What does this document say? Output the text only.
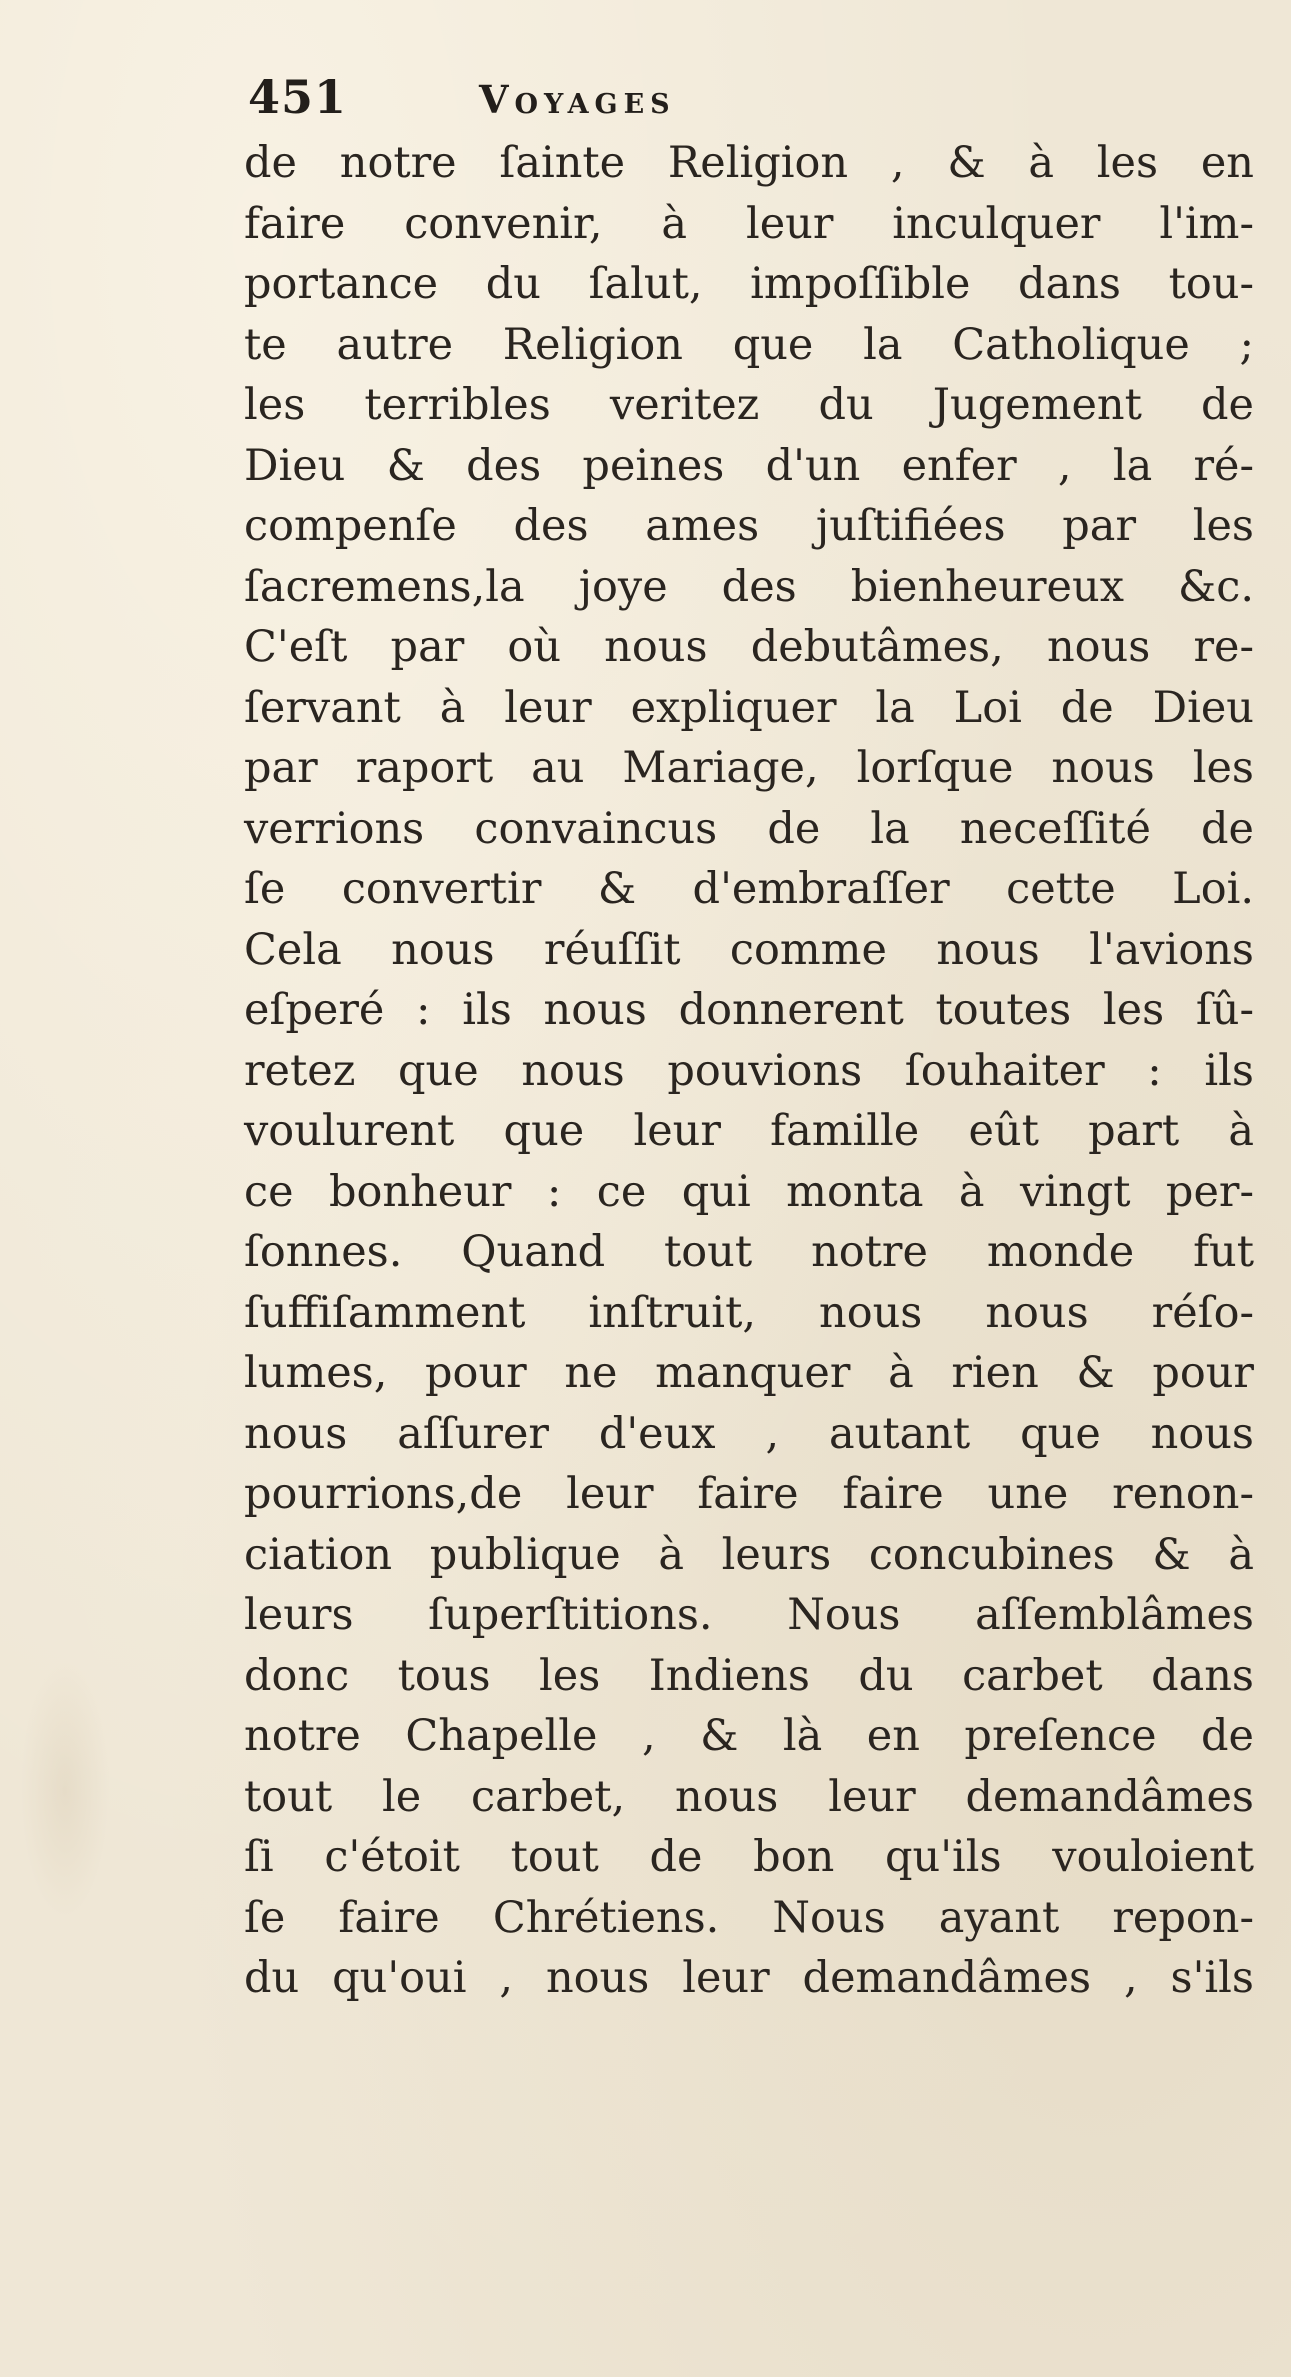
451	Voyages
de notre ſainte Religion , & à les en
faire convenir, à leur inculquer l'im-
portance du ſalut, impoſſible dans tou-
te autre Religion que la Catholique ;
les terribles veritez du Jugement de
Dieu & des peines d'un enfer , la ré-
compenſe des ames juſtifiées par les
ſacremens,la joye des bienheureux &c.
C'eſt par où nous debutâmes, nous re-
ſervant à leur expliquer la Loi de Dieu
par raport au Mariage, lorſque nous les
verrions convaincus de la neceſſité de
ſe convertir & d'embraſſer cette Loi.
Cela nous réuſſit comme nous l'avions
eſperé : ils nous donnerent toutes les ſû-
retez que nous pouvions ſouhaiter : ils
voulurent que leur famille eût part à
ce bonheur : ce qui monta à vingt per-
ſonnes. Quand tout notre monde fut
ſuffiſamment inſtruit, nous nous réſo-
lumes, pour ne manquer à rien & pour
nous aſſurer d'eux , autant que nous
pourrions,de leur faire faire une renon-
ciation publique à leurs concubines & à
leurs ſuperſtitions. Nous aſſemblâmes
donc tous les Indiens du carbet dans
notre Chapelle , & là en preſence de
tout le carbet, nous leur demandâmes
ſi c'étoit tout de bon qu'ils vouloient
ſe faire Chrétiens. Nous ayant repon-
du qu'oui , nous leur demandâmes , s'ils
